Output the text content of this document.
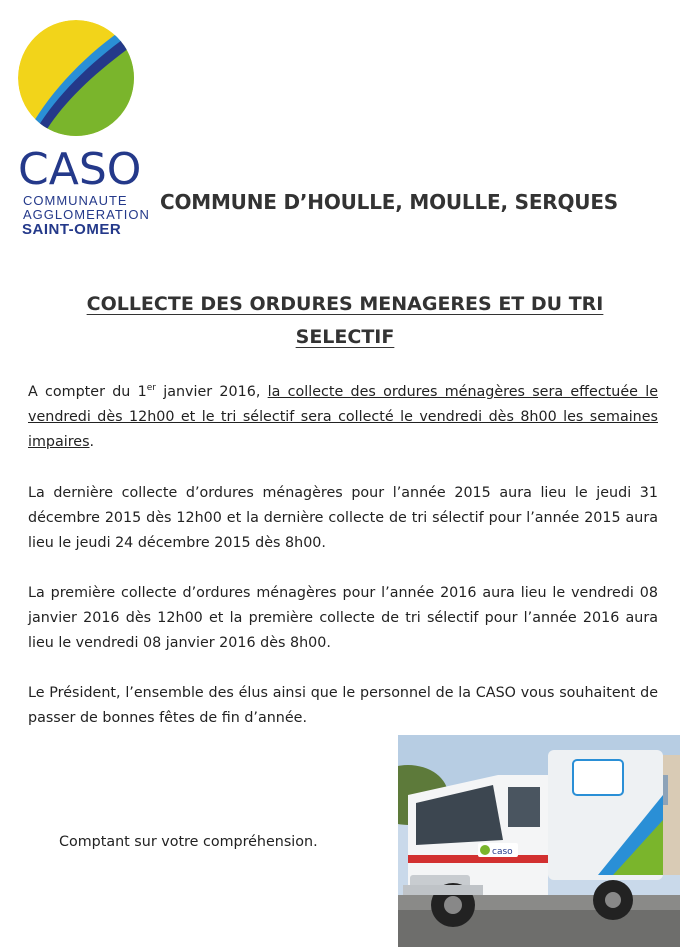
CASO
COMMUNAUTE
AGGLOMERATION
SAINT-OMER
COMMUNE D’HOULLE, MOULLE, SERQUES
COLLECTE DES ORDURES MENAGERES ET DU TRI
SELECTIF
A compter du 1er janvier 2016, la collecte des ordures ménagères sera effectuée le vendredi dès 12h00 et le tri sélectif sera collecté le vendredi dès 8h00 les semaines impaires.
La dernière collecte d’ordures ménagères pour l’année 2015 aura lieu le jeudi 31 décembre 2015 dès 12h00 et la dernière collecte de tri sélectif pour l’année 2015 aura lieu le jeudi 24 décembre 2015 dès 8h00.
La première collecte d’ordures ménagères pour l’année 2016 aura lieu le vendredi 08 janvier 2016 dès 12h00 et la première collecte de tri sélectif pour l’année 2016 aura lieu le vendredi 08 janvier 2016 dès 8h00.
Le Président, l’ensemble des élus ainsi que le personnel de la CASO vous souhaitent de passer de bonnes fêtes de fin d’année.
Comptant sur votre compréhension.
caso
